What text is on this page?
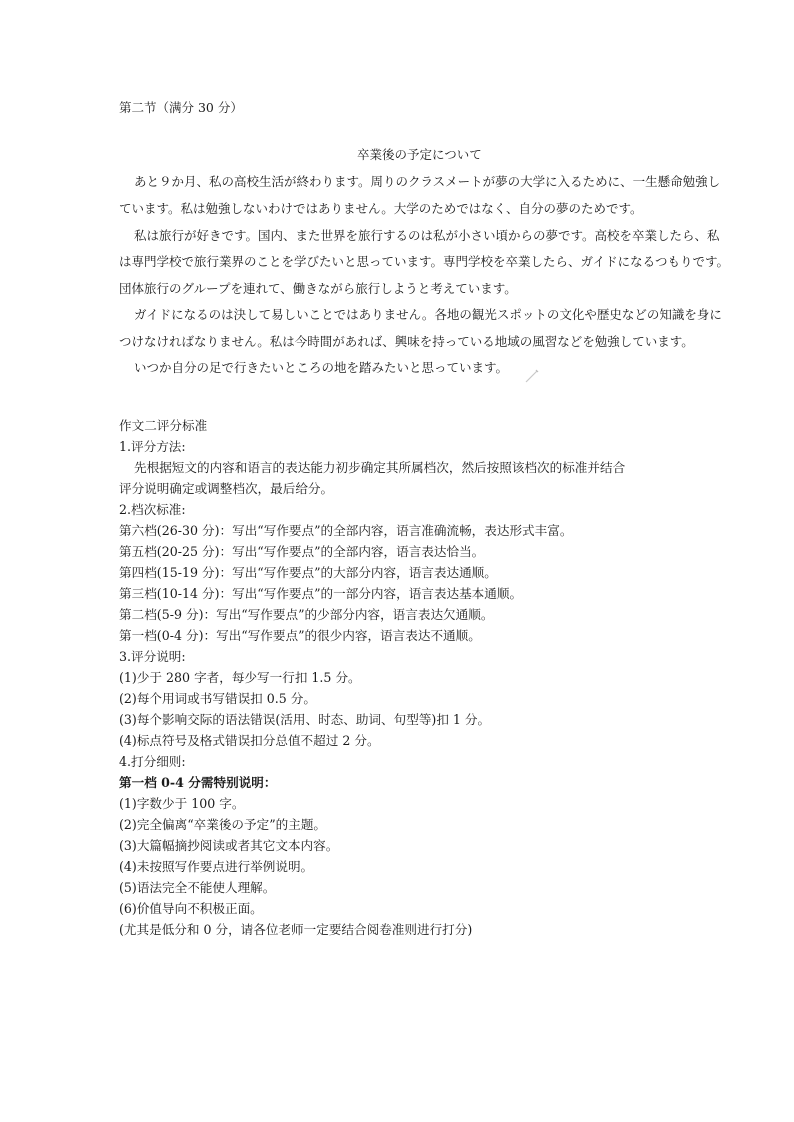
第二节（满分 30 分）
卒業後の予定について
あと９か月、私の高校生活が終わります。周りのクラスメートが夢の大学に入るために、一生懸命勉強し
ています。私は勉強しないわけではありません。大学のためではなく、自分の夢のためです。
私は旅行が好きです。国内、また世界を旅行するのは私が小さい頃からの夢です。高校を卒業したら、私
は専門学校で旅行業界のことを学びたいと思っています。専門学校を卒業したら、ガイドになるつもりです。
団体旅行のグループを連れて、働きながら旅行しようと考えています。
ガイドになるのは決して易しいことではありません。各地の観光スポットの文化や歴史などの知識を身に
つけなければなりません。私は今時間があれば、興味を持っている地域の風習などを勉強しています。
いつか自分の足で行きたいところの地を踏みたいと思っています。
作文二评分标准
1.评分方法:
先根据短文的内容和语言的表达能力初步确定其所属档次，然后按照该档次的标准并结合
评分说明确定或调整档次，最后给分。
2.档次标准:
第六档(26-30 分)：写出“写作要点”的全部内容，语言准确流畅，表达形式丰富。
第五档(20-25 分)：写出“写作要点”的全部内容，语言表达恰当。
第四档(15-19 分)：写出“写作要点”的大部分内容，语言表达通顺。
第三档(10-14 分)：写出“写作要点”的一部分内容，语言表达基本通顺。
第二档(5-9 分)：写出“写作要点”的少部分内容，语言表达欠通顺。
第一档(0-4 分)：写出“写作要点”的很少内容，语言表达不通顺。
3.评分说明:
(1)少于 280 字者，每少写一行扣 1.5 分。
(2)每个用词或书写错误扣 0.5 分。
(3)每个影响交际的语法错误(活用、时态、助词、句型等)扣 1 分。
(4)标点符号及格式错误扣分总值不超过 2 分。
4.打分细则:
第一档 0-4 分需特别说明：
(1)字数少于 100 字。
(2)完全偏离“卒業後の予定”的主题。
(3)大篇幅摘抄阅读或者其它文本内容。
(4)未按照写作要点进行举例说明。
(5)语法完全不能使人理解。
(6)价值导向不积极正面。
(尤其是低分和 0 分，请各位老师一定要结合阅卷准则进行打分)
